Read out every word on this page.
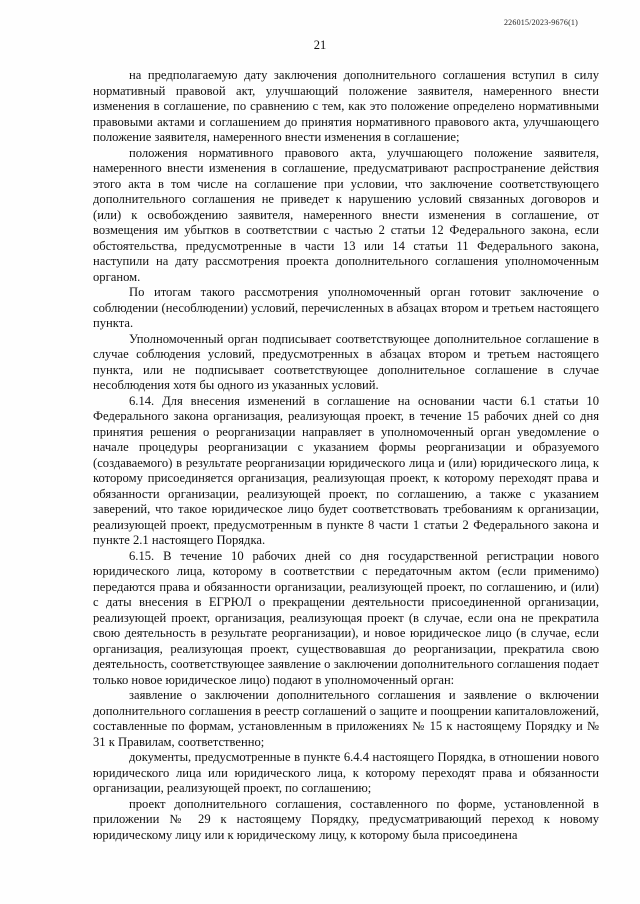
226015/2023-9676(1)
21

на предполагаемую дату заключения дополнительного соглашения вступил в силу нормативный правовой акт, улучшающий положение заявителя, намеренного внести изменения в соглашение, по сравнению с тем, как это положение определено нормативными правовыми актами и соглашением до принятия нормативного правового акта, улучшающего положение заявителя, намеренного внести изменения в соглашение;

положения нормативного правового акта, улучшающего положение заявителя, намеренного внести изменения в соглашение, предусматривают распространение действия этого акта в том числе на соглашение при условии, что заключение соответствующего дополнительного соглашения не приведет к нарушению условий связанных договоров и (или) к освобождению заявителя, намеренного внести изменения в соглашение, от возмещения им убытков в соответствии с частью 2 статьи 12 Федерального закона, если обстоятельства, предусмотренные в части 13 или 14 статьи 11 Федерального закона, наступили на дату рассмотрения проекта дополнительного соглашения уполномоченным органом.

По итогам такого рассмотрения уполномоченный орган готовит заключение о соблюдении (несоблюдении) условий, перечисленных в абзацах втором и третьем настоящего пункта.

Уполномоченный орган подписывает соответствующее дополнительное соглашение в случае соблюдения условий, предусмотренных в абзацах втором и третьем настоящего пункта, или не подписывает соответствующее дополнительное соглашение в случае несоблюдения хотя бы одного из указанных условий.

6.14. Для внесения изменений в соглашение на основании части 6.1 статьи 10 Федерального закона организация, реализующая проект, в течение 15 рабочих дней со дня принятия решения о реорганизации направляет в уполномоченный орган уведомление о начале процедуры реорганизации с указанием формы реорганизации и образуемого (создаваемого) в результате реорганизации юридического лица и (или) юридического лица, к которому присоединяется организация, реализующая проект, к которому переходят права и обязанности организации, реализующей проект, по соглашению, а также с указанием заверений, что такое юридическое лицо будет соответствовать требованиям к организации, реализующей проект, предусмотренным в пункте 8 части 1 статьи 2 Федерального закона и пункте 2.1 настоящего Порядка.

6.15. В течение 10 рабочих дней со дня государственной регистрации нового юридического лица, которому в соответствии с передаточным актом (если применимо) передаются права и обязанности организации, реализующей проект, по соглашению, и (или) с даты внесения в ЕГРЮЛ о прекращении деятельности присоединенной организации, реализующей проект, организация, реализующая проект (в случае, если она не прекратила свою деятельность в результате реорганизации), и новое юридическое лицо (в случае, если организация, реализующая проект, существовавшая до реорганизации, прекратила свою деятельность, соответствующее заявление о заключении дополнительного соглашения подает только новое юридическое лицо) подают в уполномоченный орган:

заявление о заключении дополнительного соглашения и заявление о включении дополнительного соглашения в реестр соглашений о защите и поощрении капиталовложений, составленные по формам, установленным в приложениях № 15 к настоящему Порядку и № 31 к Правилам, соответственно;

документы, предусмотренные в пункте 6.4.4 настоящего Порядка, в отношении нового юридического лица или юридического лица, к которому переходят права и обязанности организации, реализующей проект, по соглашению;

проект дополнительного соглашения, составленного по форме, установленной в приложении № 29 к настоящему Порядку, предусматривающий переход к новому юридическому лицу или к юридическому лицу, к которому была присоединена
